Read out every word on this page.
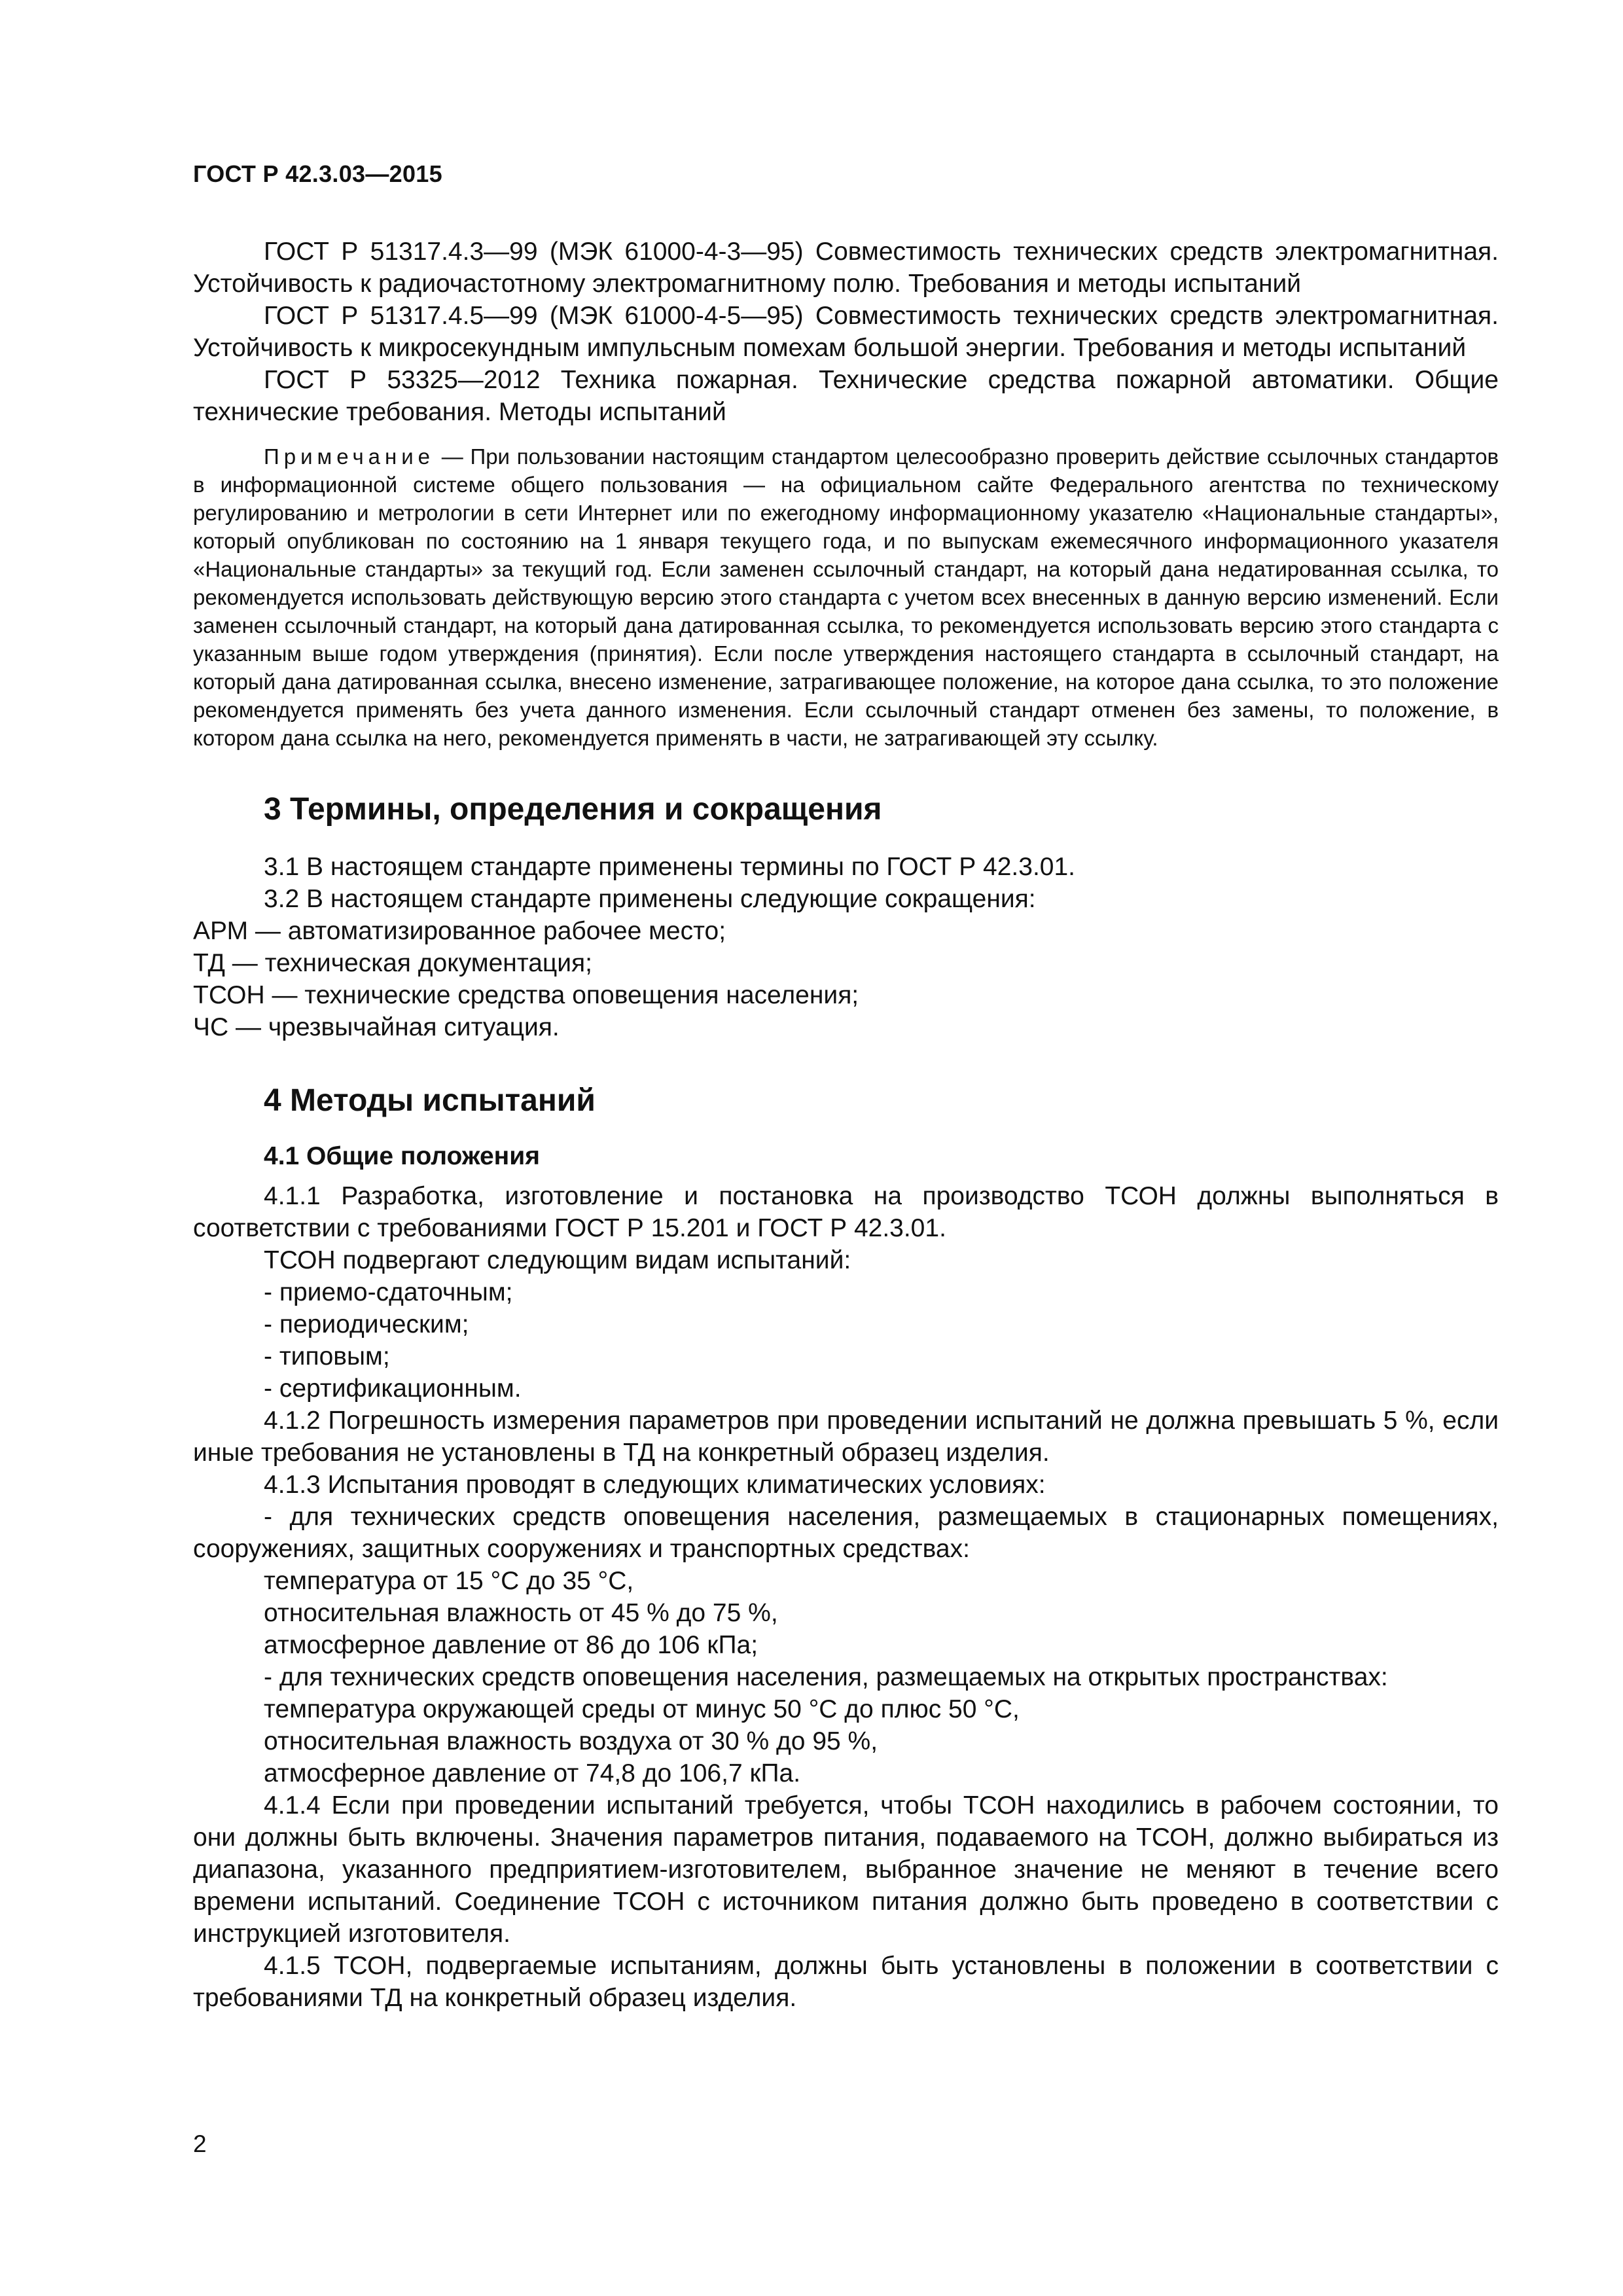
ГОСТ Р 42.3.03—2015

ГОСТ Р 51317.4.3—99 (МЭК 61000-4-3—95) Совместимость технических средств электромагнитная. Устойчивость к радиочастотному электромагнитному полю. Требования и методы испытаний

ГОСТ Р 51317.4.5—99 (МЭК 61000-4-5—95) Совместимость технических средств электромагнитная. Устойчивость к микросекундным импульсным помехам большой энергии. Требования и методы испытаний

ГОСТ Р 53325—2012 Техника пожарная. Технические средства пожарной автоматики. Общие технические требования. Методы испытаний

Примечание — При пользовании настоящим стандартом целесообразно проверить действие ссылочных стандартов в информационной системе общего пользования — на официальном сайте Федерального агентства по техническому регулированию и метрологии в сети Интернет или по ежегодному информационному указателю «Национальные стандарты», который опубликован по состоянию на 1 января текущего года, и по выпускам ежемесячного информационного указателя «Национальные стандарты» за текущий год. Если заменен ссылочный стандарт, на который дана недатированная ссылка, то рекомендуется использовать действующую версию этого стандарта с учетом всех внесенных в данную версию изменений. Если заменен ссылочный стандарт, на который дана датированная ссылка, то рекомендуется использовать версию этого стандарта с указанным выше годом утверждения (принятия). Если после утверждения настоящего стандарта в ссылочный стандарт, на который дана датированная ссылка, внесено изменение, затрагивающее положение, на которое дана ссылка, то это положение рекомендуется применять без учета данного изменения. Если ссылочный стандарт отменен без замены, то положение, в котором дана ссылка на него, рекомендуется применять в части, не затрагивающей эту ссылку.

3 Термины, определения и сокращения

3.1 В настоящем стандарте применены термины по ГОСТ Р 42.3.01.

3.2 В настоящем стандарте применены следующие сокращения:

АРМ — автоматизированное рабочее место;

ТД — техническая документация;

ТСОН — технические средства оповещения населения;

ЧС — чрезвычайная ситуация.

4 Методы испытаний
4.1 Общие положения

4.1.1 Разработка, изготовление и постановка на производство ТСОН должны выполняться в соответствии с требованиями ГОСТ Р 15.201 и ГОСТ Р 42.3.01.

ТСОН подвергают следующим видам испытаний:

- приемо-сдаточным;

- периодическим;

- типовым;

- сертификационным.

4.1.2 Погрешность измерения параметров при проведении испытаний не должна превышать 5 %, если иные требования не установлены в ТД на конкретный образец изделия.

4.1.3 Испытания проводят в следующих климатических условиях:

- для технических средств оповещения населения, размещаемых в стационарных помещениях, сооружениях, защитных сооружениях и транспортных средствах:

температура от 15 °С до 35 °С,

относительная влажность от 45 % до 75 %,

атмосферное давление от 86 до 106 кПа;

- для технических средств оповещения населения, размещаемых на открытых пространствах:

температура окружающей среды от минус 50 °С до плюс 50 °С,

относительная влажность воздуха от 30 % до 95 %,

атмосферное давление от 74,8 до 106,7 кПа.

4.1.4 Если при проведении испытаний требуется, чтобы ТСОН находились в рабочем состоянии, то они должны быть включены. Значения параметров питания, подаваемого на ТСОН, должно выбираться из диапазона, указанного предприятием-изготовителем, выбранное значение не меняют в течение всего времени испытаний. Соединение ТСОН с источником питания должно быть проведено в соответствии с инструкцией изготовителя.

4.1.5 ТСОН, подвергаемые испытаниям, должны быть установлены в положении в соответствии с требованиями ТД на конкретный образец изделия.

2
